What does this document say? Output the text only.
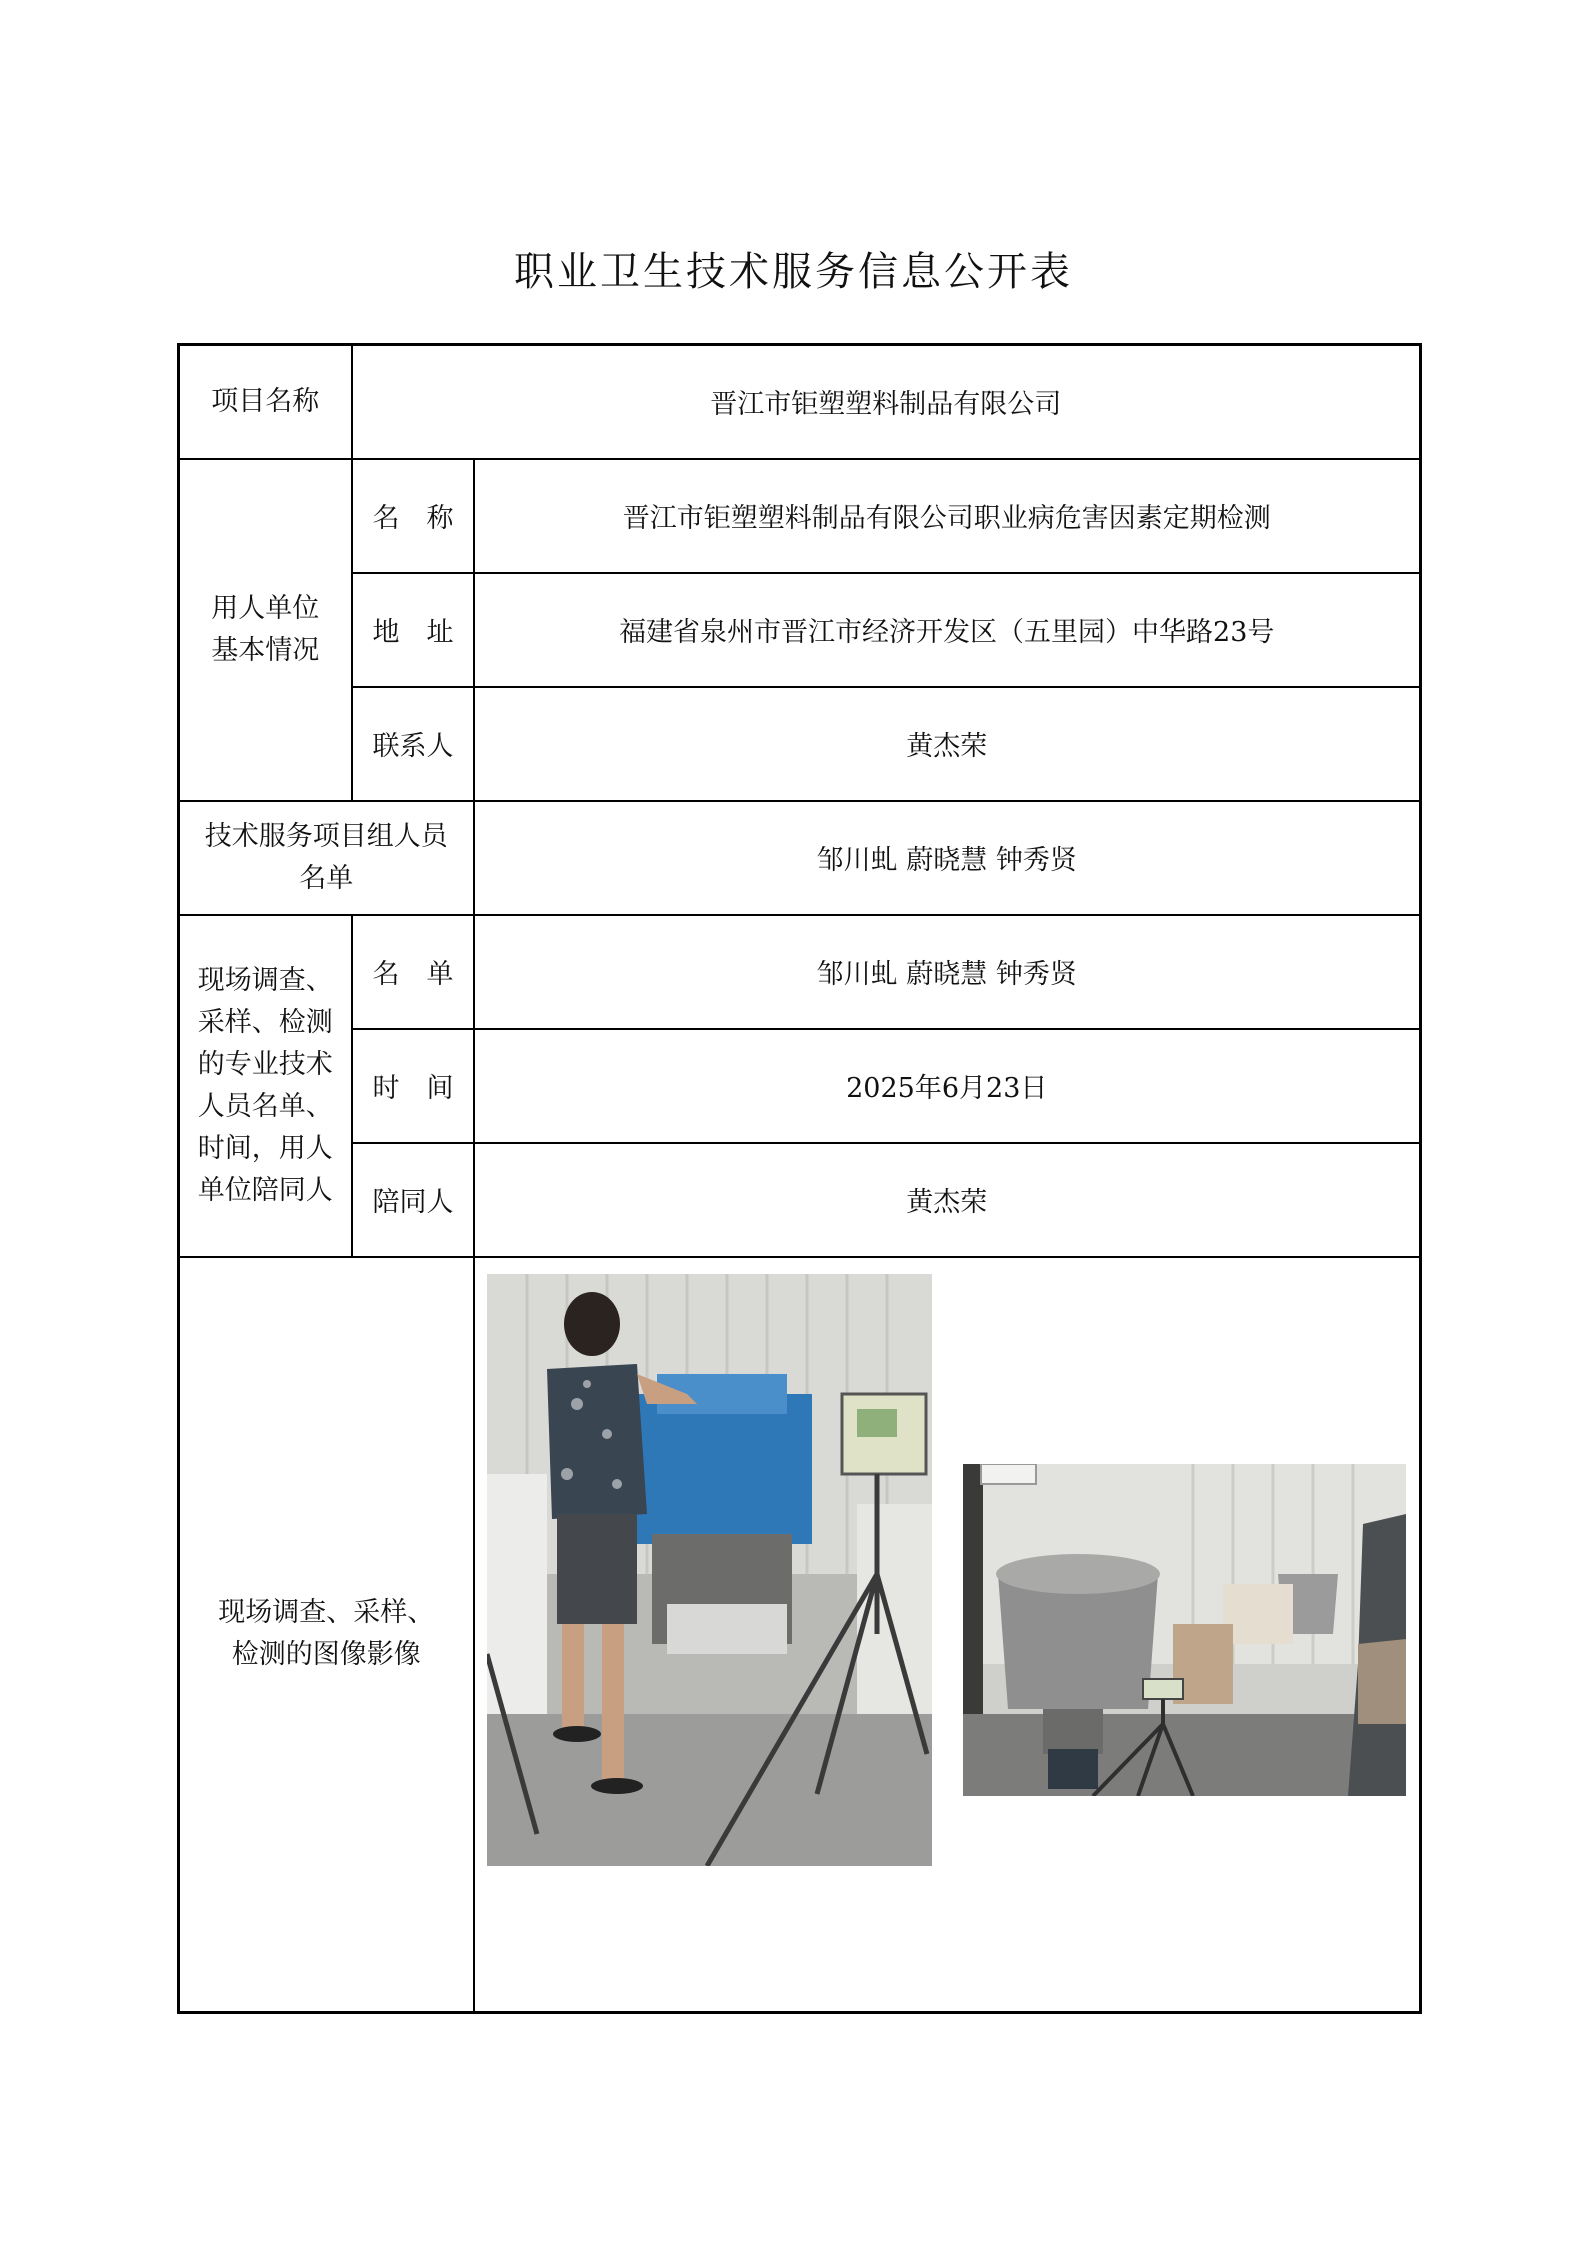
职业卫生技术服务信息公开表
项目名称	晋江市钜塑塑料制品有限公司	
用人单位基本情况	名　称	晋江市钜塑塑料制品有限公司职业病危害因素定期检测
	地　址	福建省泉州市晋江市经济开发区（五里园）中华路23号
	联系人	黄杰荣
技术服务项目组人员名单		邹川虬 蔚晓慧 钟秀贤
现场调查、采样、检测的专业技术人员名单、时间，用人单位陪同人	名　单	邹川虬 蔚晓慧 钟秀贤
	时　间	2025年6月23日
	陪同人	黄杰荣
现场调查、采样、检测的图像影像	
